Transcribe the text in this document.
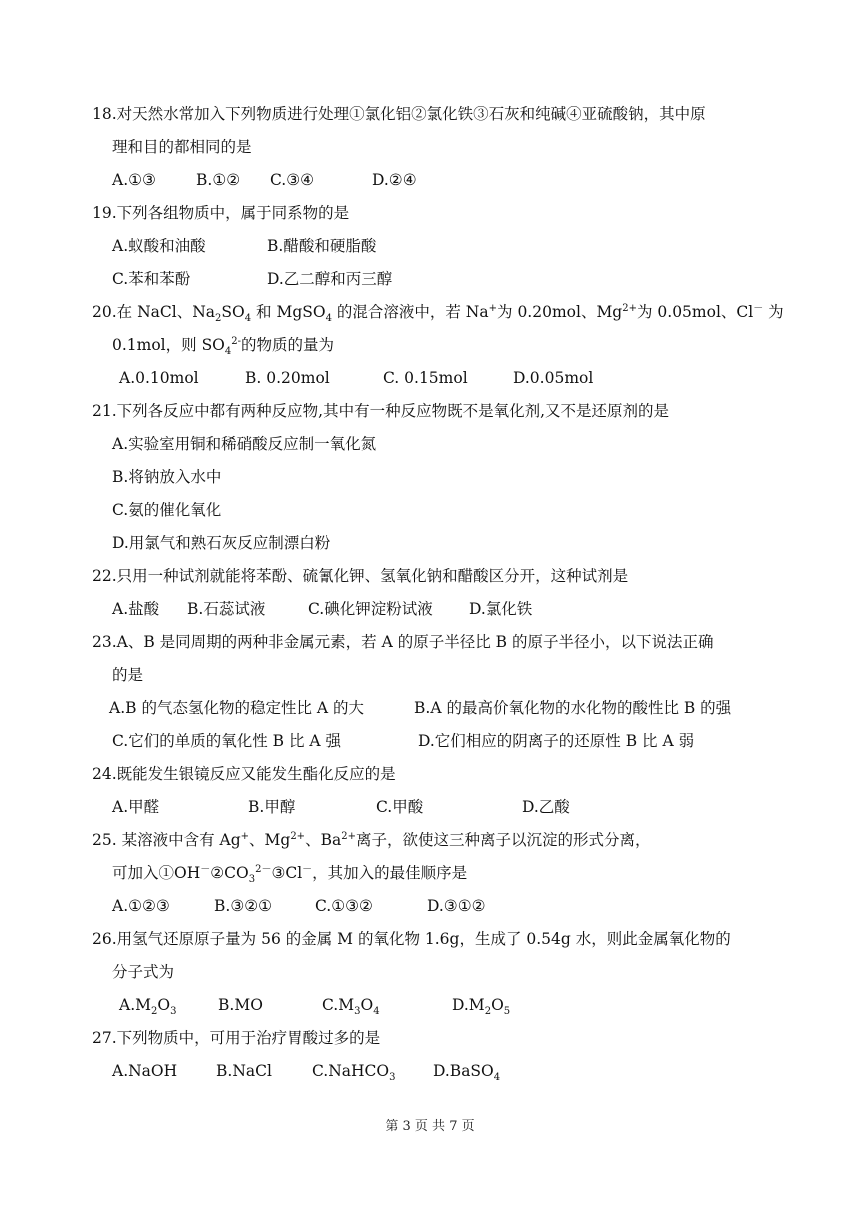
18.对天然水常加入下列物质进行处理①氯化铝②氯化铁③石灰和纯碱④亚硫酸钠，其中原
理和目的都相同的是
A.①③	B.①② C.③④	D.②④
19.下列各组物质中，属于同系物的是
A.蚁酸和油酸	B.醋酸和硬脂酸
C.苯和苯酚	D.乙二醇和丙三醇
20.在 NaCl、$Na_2SO_4$ 和 MgSO$_4$ 的混合溶液中，若 Na+为 0.20mol、$Mg^{2+}$为 0.05mol、Cl－ 为
0.1mol，则 $SO_4^{2-}$的物质的量为
A.0.10mol	B. 0.20mol	C. 0.15mol	D.0.05mol
21.下列各反应中都有两种反应物,其中有一种反应物既不是氧化剂,又不是还原剂的是
A.实验室用铜和稀硝酸反应制一氧化氮
B.将钠放入水中
C.氨的催化氧化
D.用氯气和熟石灰反应制漂白粉
22.只用一种试剂就能将苯酚、硫氰化钾、氢氧化钠和醋酸区分开，这种试剂是
A.盐酸 B.石蕊试液	C.碘化钾淀粉试液 D.氯化铁
23.A、B 是同周期的两种非金属元素，若 A 的原子半径比 B 的原子半径小，以下说法正确
的是
A.B 的气态氢化物的稳定性比 A 的大	B.A 的最高价氧化物的水化物的酸性比 B 的强
C.它们的单质的氧化性 B 比 A 强	D.它们相应的阴离子的还原性 B 比 A 弱
24.既能发生银镜反应又能发生酯化反应的是
A.甲醛	B.甲醇	C.甲酸	D.乙酸
25. 某溶液中含有 Ag+、$Mg^{2+}$、$Ba^{2+}$离子，欲使这三种离子以沉淀的形式分离，
可加入$①OH^-②CO_3^{2-}③Cl^-$，其加入的最佳顺序是
A.①②③	B.③②①	C.①③②	D.③①②
26.用氢气还原原子量为 56 的金属 M 的氧化物 1.6g，生成了 0.54g 水，则此金属氧化物的
分子式为
$A.M_2O_3$	B.MO	$C.M_3O_4$	$D.M_2O_5$
27.下列物质中，可用于治疗胃酸过多的是
A.NaOH	B.NaCl	C.NaHCO$_3$ D.BaSO$_4$
第 3 页 共 7 页
